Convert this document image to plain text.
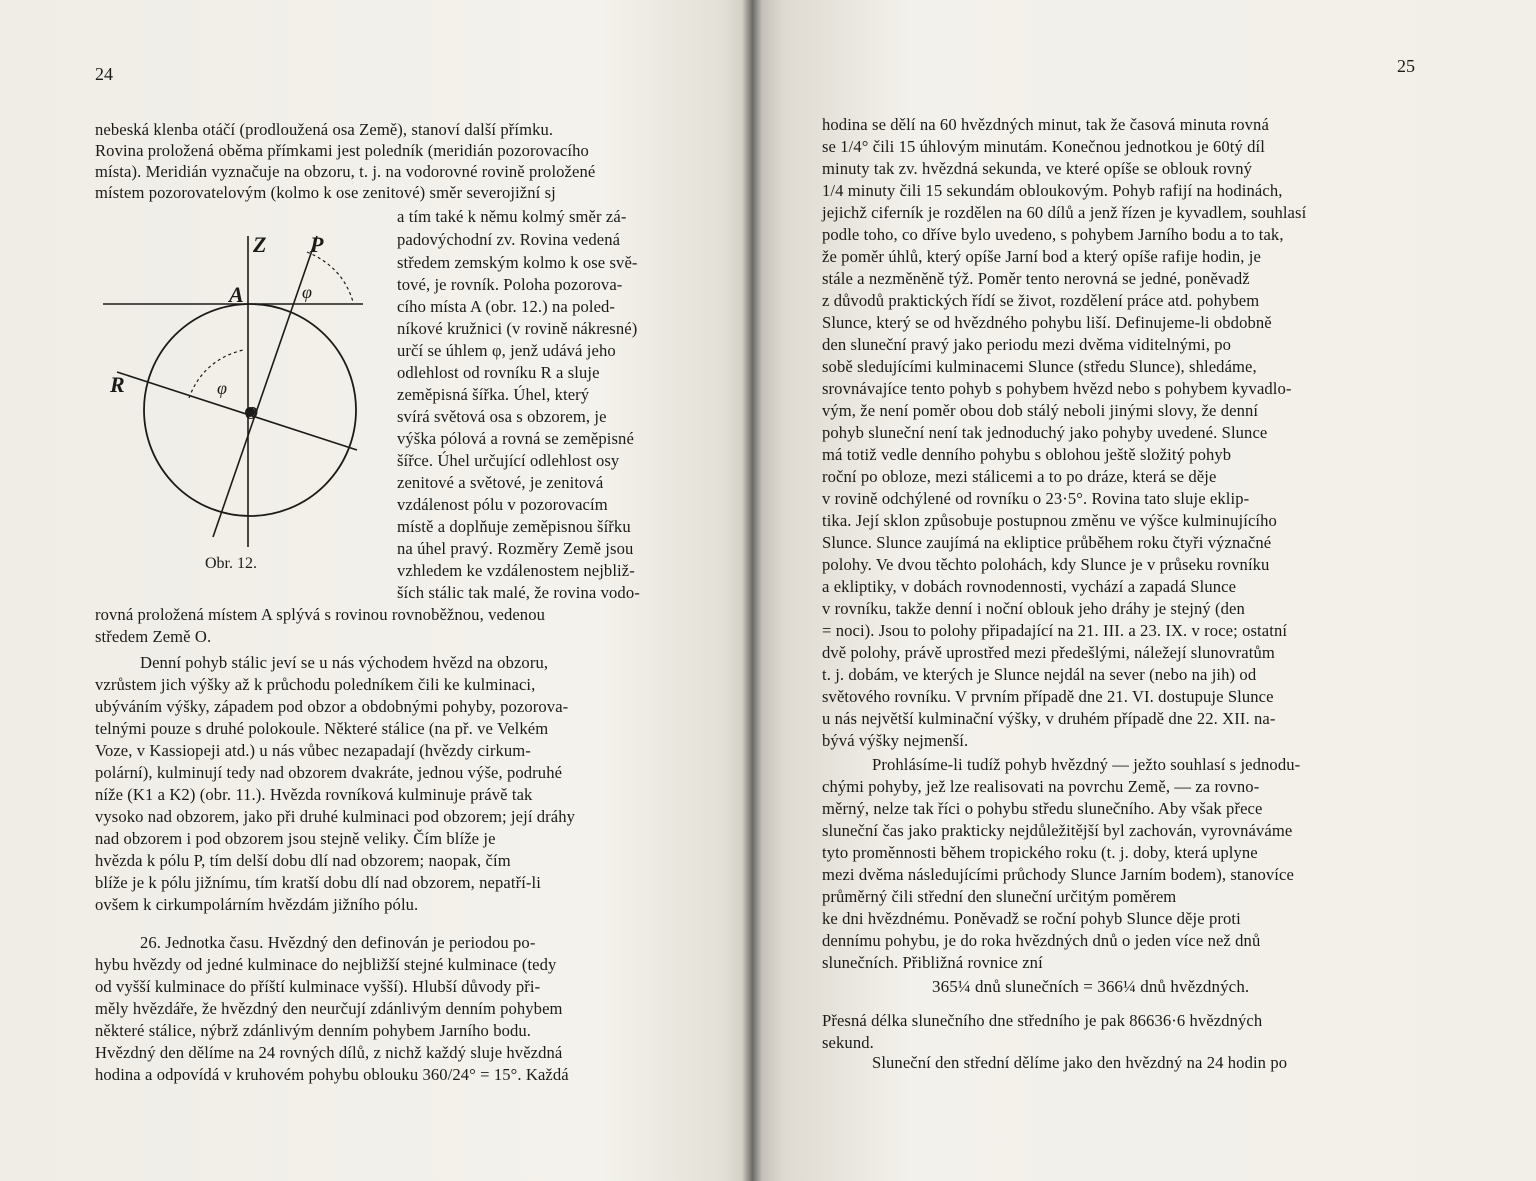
24
Z P
A
R
O
φ
φ
Obr. 12.
nebeská klenba otáčí (prodloužená osa Země), stanoví další přímku.
Rovina proložená oběma přímkami jest poledník (meridián pozorovacího
místa). Meridián vyznačuje na obzoru, t. j. na vodorovné rovině proložené
místem pozorovatelovým (kolmo k ose zenitové) směr severojižní sj
a tím také k němu kolmý směr zá-
padovýchodní zv. Rovina vedená
středem zemským kolmo k ose svě-
tové, je rovník. Poloha pozorova-
cího místa A (obr. 12.) na poled-
níkové kružnici (v rovině nákresné)
určí se úhlem φ, jenž udává jeho
odlehlost od rovníku R a sluje
zeměpisná šířka. Úhel, který
svírá světová osa s obzorem, je
výška pólová a rovná se zeměpisné
šířce. Úhel určující odlehlost osy
zenitové a světové, je zenitová
vzdálenost pólu v pozorovacím
místě a doplňuje zeměpisnou šířku
na úhel pravý. Rozměry Země jsou
vzhledem ke vzdálenostem nejbliž-
ších stálic tak malé, že rovina vodo-
rovná proložená místem A splývá s rovinou rovnoběžnou, vedenou
středem Země O.
Denní pohyb stálic jeví se u nás východem hvězd na obzoru,
vzrůstem jich výšky až k průchodu poledníkem čili ke kulminaci,
ubýváním výšky, západem pod obzor a obdobnými pohyby, pozorova-
telnými pouze s druhé polokoule. Některé stálice (na př. ve Velkém
Voze, v Kassiopeji atd.) u nás vůbec nezapadají (hvězdy cirkum-
polární), kulminují tedy nad obzorem dvakráte, jednou výše, podruhé
níže (K1 a K2) (obr. 11.). Hvězda rovníková kulminuje právě tak
vysoko nad obzorem, jako při druhé kulminaci pod obzorem; její dráhy
nad obzorem i pod obzorem jsou stejně veliky. Čím blíže je
hvězda k pólu P, tím delší dobu dlí nad obzorem; naopak, čím
blíže je k pólu jižnímu, tím kratší dobu dlí nad obzorem, nepatří-li
ovšem k cirkumpolárním hvězdám jižního pólu.
26. Jednotka času. Hvězdný den definován je periodou po-
hybu hvězdy od jedné kulminace do nejbližší stejné kulminace (tedy
od vyšší kulminace do příští kulminace vyšší). Hlubší důvody při-
měly hvězdáře, že hvězdný den neurčují zdánlivým denním pohybem
některé stálice, nýbrž zdánlivým denním pohybem Jarního bodu.
Hvězdný den dělíme na 24 rovných dílů, z nichž každý sluje hvězdná
hodina a odpovídá v kruhovém pohybu oblouku 360/24° = 15°. Každá
25
hodina se dělí na 60 hvězdných minut, tak že časová minuta rovná
se 1/4° čili 15 úhlovým minutám. Konečnou jednotkou je 60tý díl
minuty tak zv. hvězdná sekunda, ve které opíše se oblouk rovný
1/4 minuty čili 15 sekundám obloukovým. Pohyb rafijí na hodinách,
jejichž ciferník je rozdělen na 60 dílů a jenž řízen je kyvadlem, souhlasí
podle toho, co dříve bylo uvedeno, s pohybem Jarního bodu a to tak,
že poměr úhlů, který opíše Jarní bod a který opíše rafije hodin, je
stále a nezměněně týž. Poměr tento nerovná se jedné, poněvadž
z důvodů praktických řídí se život, rozdělení práce atd. pohybem
Slunce, který se od hvězdného pohybu liší. Definujeme-li obdobně
den sluneční pravý jako periodu mezi dvěma viditelnými, po
sobě sledujícími kulminacemi Slunce (středu Slunce), shledáme,
srovnávajíce tento pohyb s pohybem hvězd nebo s pohybem kyvadlo-
vým, že není poměr obou dob stálý neboli jinými slovy, že denní
pohyb sluneční není tak jednoduchý jako pohyby uvedené. Slunce
má totiž vedle denního pohybu s oblohou ještě složitý pohyb
roční po obloze, mezi stálicemi a to po dráze, která se děje
v rovině odchýlené od rovníku o 23·5°. Rovina tato sluje eklip-
tika. Její sklon způsobuje postupnou změnu ve výšce kulminujícího
Slunce. Slunce zaujímá na ekliptice průběhem roku čtyři význačné
polohy. Ve dvou těchto polohách, kdy Slunce je v průseku rovníku
a ekliptiky, v dobách rovnodennosti, vychází a zapadá Slunce
v rovníku, takže denní i noční oblouk jeho dráhy je stejný (den
= noci). Jsou to polohy připadající na 21. III. a 23. IX. v roce; ostatní
dvě polohy, právě uprostřed mezi předešlými, náležejí slunovratům
t. j. dobám, ve kterých je Slunce nejdál na sever (nebo na jih) od
světového rovníku. V prvním případě dne 21. VI. dostupuje Slunce
u nás největší kulminační výšky, v druhém případě dne 22. XII. na-
bývá výšky nejmenší.
Prohlásíme-li tudíž pohyb hvězdný — ježto souhlasí s jednodu-
chými pohyby, jež lze realisovati na povrchu Země, — za rovno-
měrný, nelze tak říci o pohybu středu slunečního. Aby však přece
sluneční čas jako prakticky nejdůležitější byl zachován, vyrovnáváme
tyto proměnnosti během tropického roku (t. j. doby, která uplyne
mezi dvěma následujícími průchody Slunce Jarním bodem), stanovíce
průměrný čili střední den sluneční určitým poměrem
ke dni hvězdnému. Poněvadž se roční pohyb Slunce děje proti
dennímu pohybu, je do roka hvězdných dnů o jeden více než dnů
slunečních. Přibližná rovnice zní
365¼ dnů slunečních = 366¼ dnů hvězdných.
Přesná délka slunečního dne středního je pak 86636·6 hvězdných
sekund.
Sluneční den střední dělíme jako den hvězdný na 24 hodin po
